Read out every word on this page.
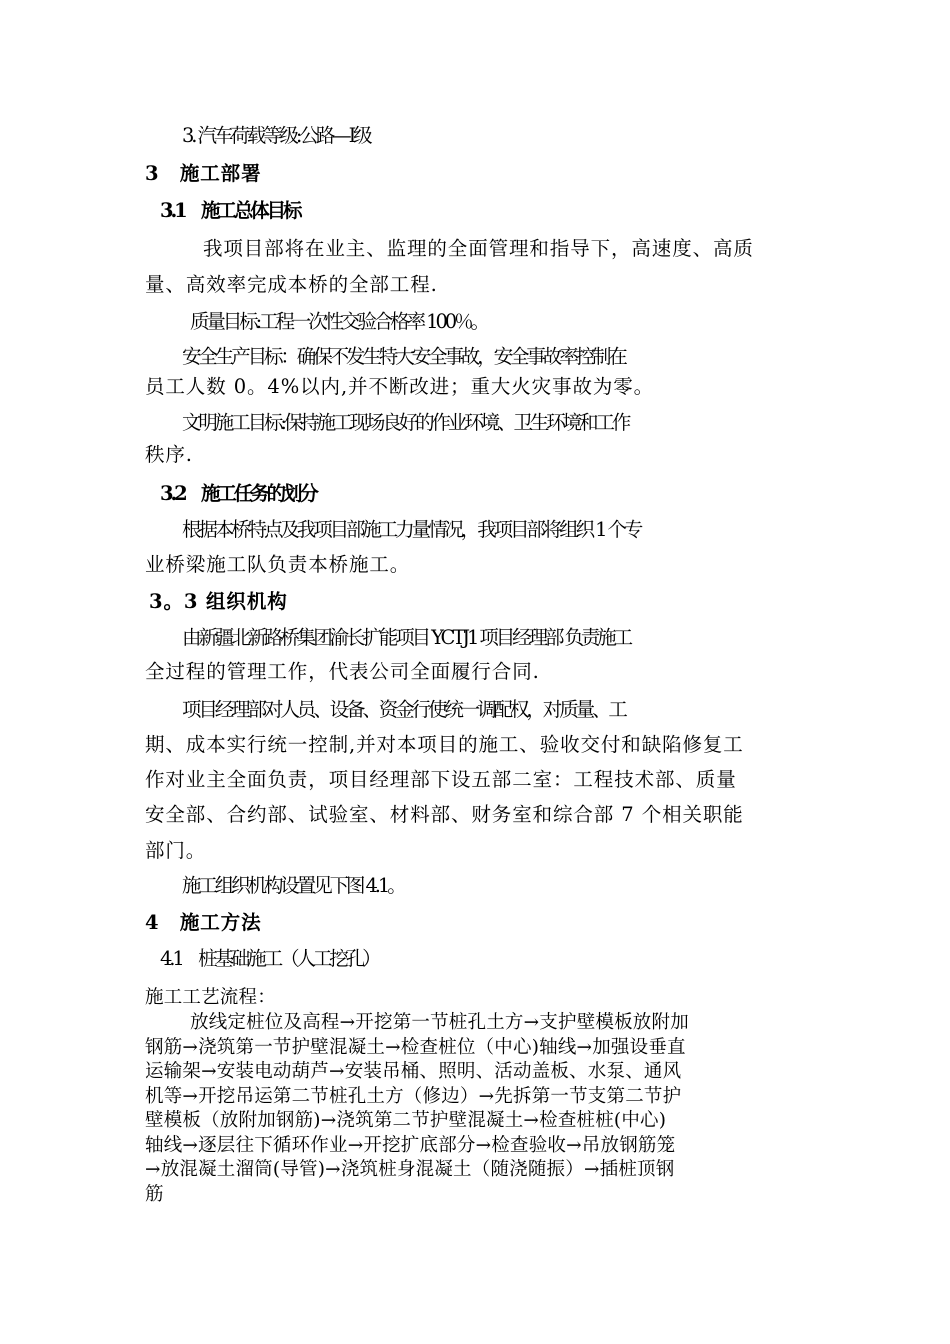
3. 汽车荷载等级:公路—Ⅰ级
3　施工部署
3.1　施工总体目标
我项目部将在业主、监理的全面管理和指导下，高速度、高质
量、高效率完成本桥的全部工程.
质量目标:工程一次性交验合格率 100％。
安全生产目标：确保不发生特大安全事故，安全事故率控制在
员工人数 0。4%以内,并不断改进；重大火灾事故为零。
文明施工目标:保持施工现场良好的作业环境、卫生环境和工作
秩序.
3.2　施工任务的划分
根据本桥特点及我项目部施工力量情况，我项目部将组织 1 个专
业桥梁施工队负责本桥施工。
3。3 组织机构
由新疆北新路桥集团渝长扩能项目 YCTJ1 项目经理部 负责施工
全过程的管理工作，代表公司全面履行合同.
项目经理部对人员、设备、资金行使统一调配权，对质量、工
期、成本实行统一控制,并对本项目的施工、验收交付和缺陷修复工
作对业主全面负责，项目经理部下设五部二室：工程技术部、质量
安全部、合约部、试验室、材料部、财务室和综合部 7 个相关职能
部门。
施工组织机构设置见下图 4.1。
4　施工方法
4.1　桩基础施工（人工挖孔）
施工工艺流程：
放线定桩位及高程→开挖第一节桩孔土方→支护壁模板放附加
钢筋→浇筑第一节护壁混凝土→检查桩位（中心)轴线→加强设垂直
运输架→安装电动葫芦→安装吊桶、照明、活动盖板、水泵、通风
机等→开挖吊运第二节桩孔土方（修边）→先拆第一节支第二节护
壁模板（放附加钢筋)→浇筑第二节护壁混凝土→检查桩桩(中心)
轴线→逐层往下循环作业→开挖扩底部分→检查验收→吊放钢筋笼
→放混凝土溜筒(导管)→浇筑桩身混凝土（随浇随振）→插桩顶钢
筋
